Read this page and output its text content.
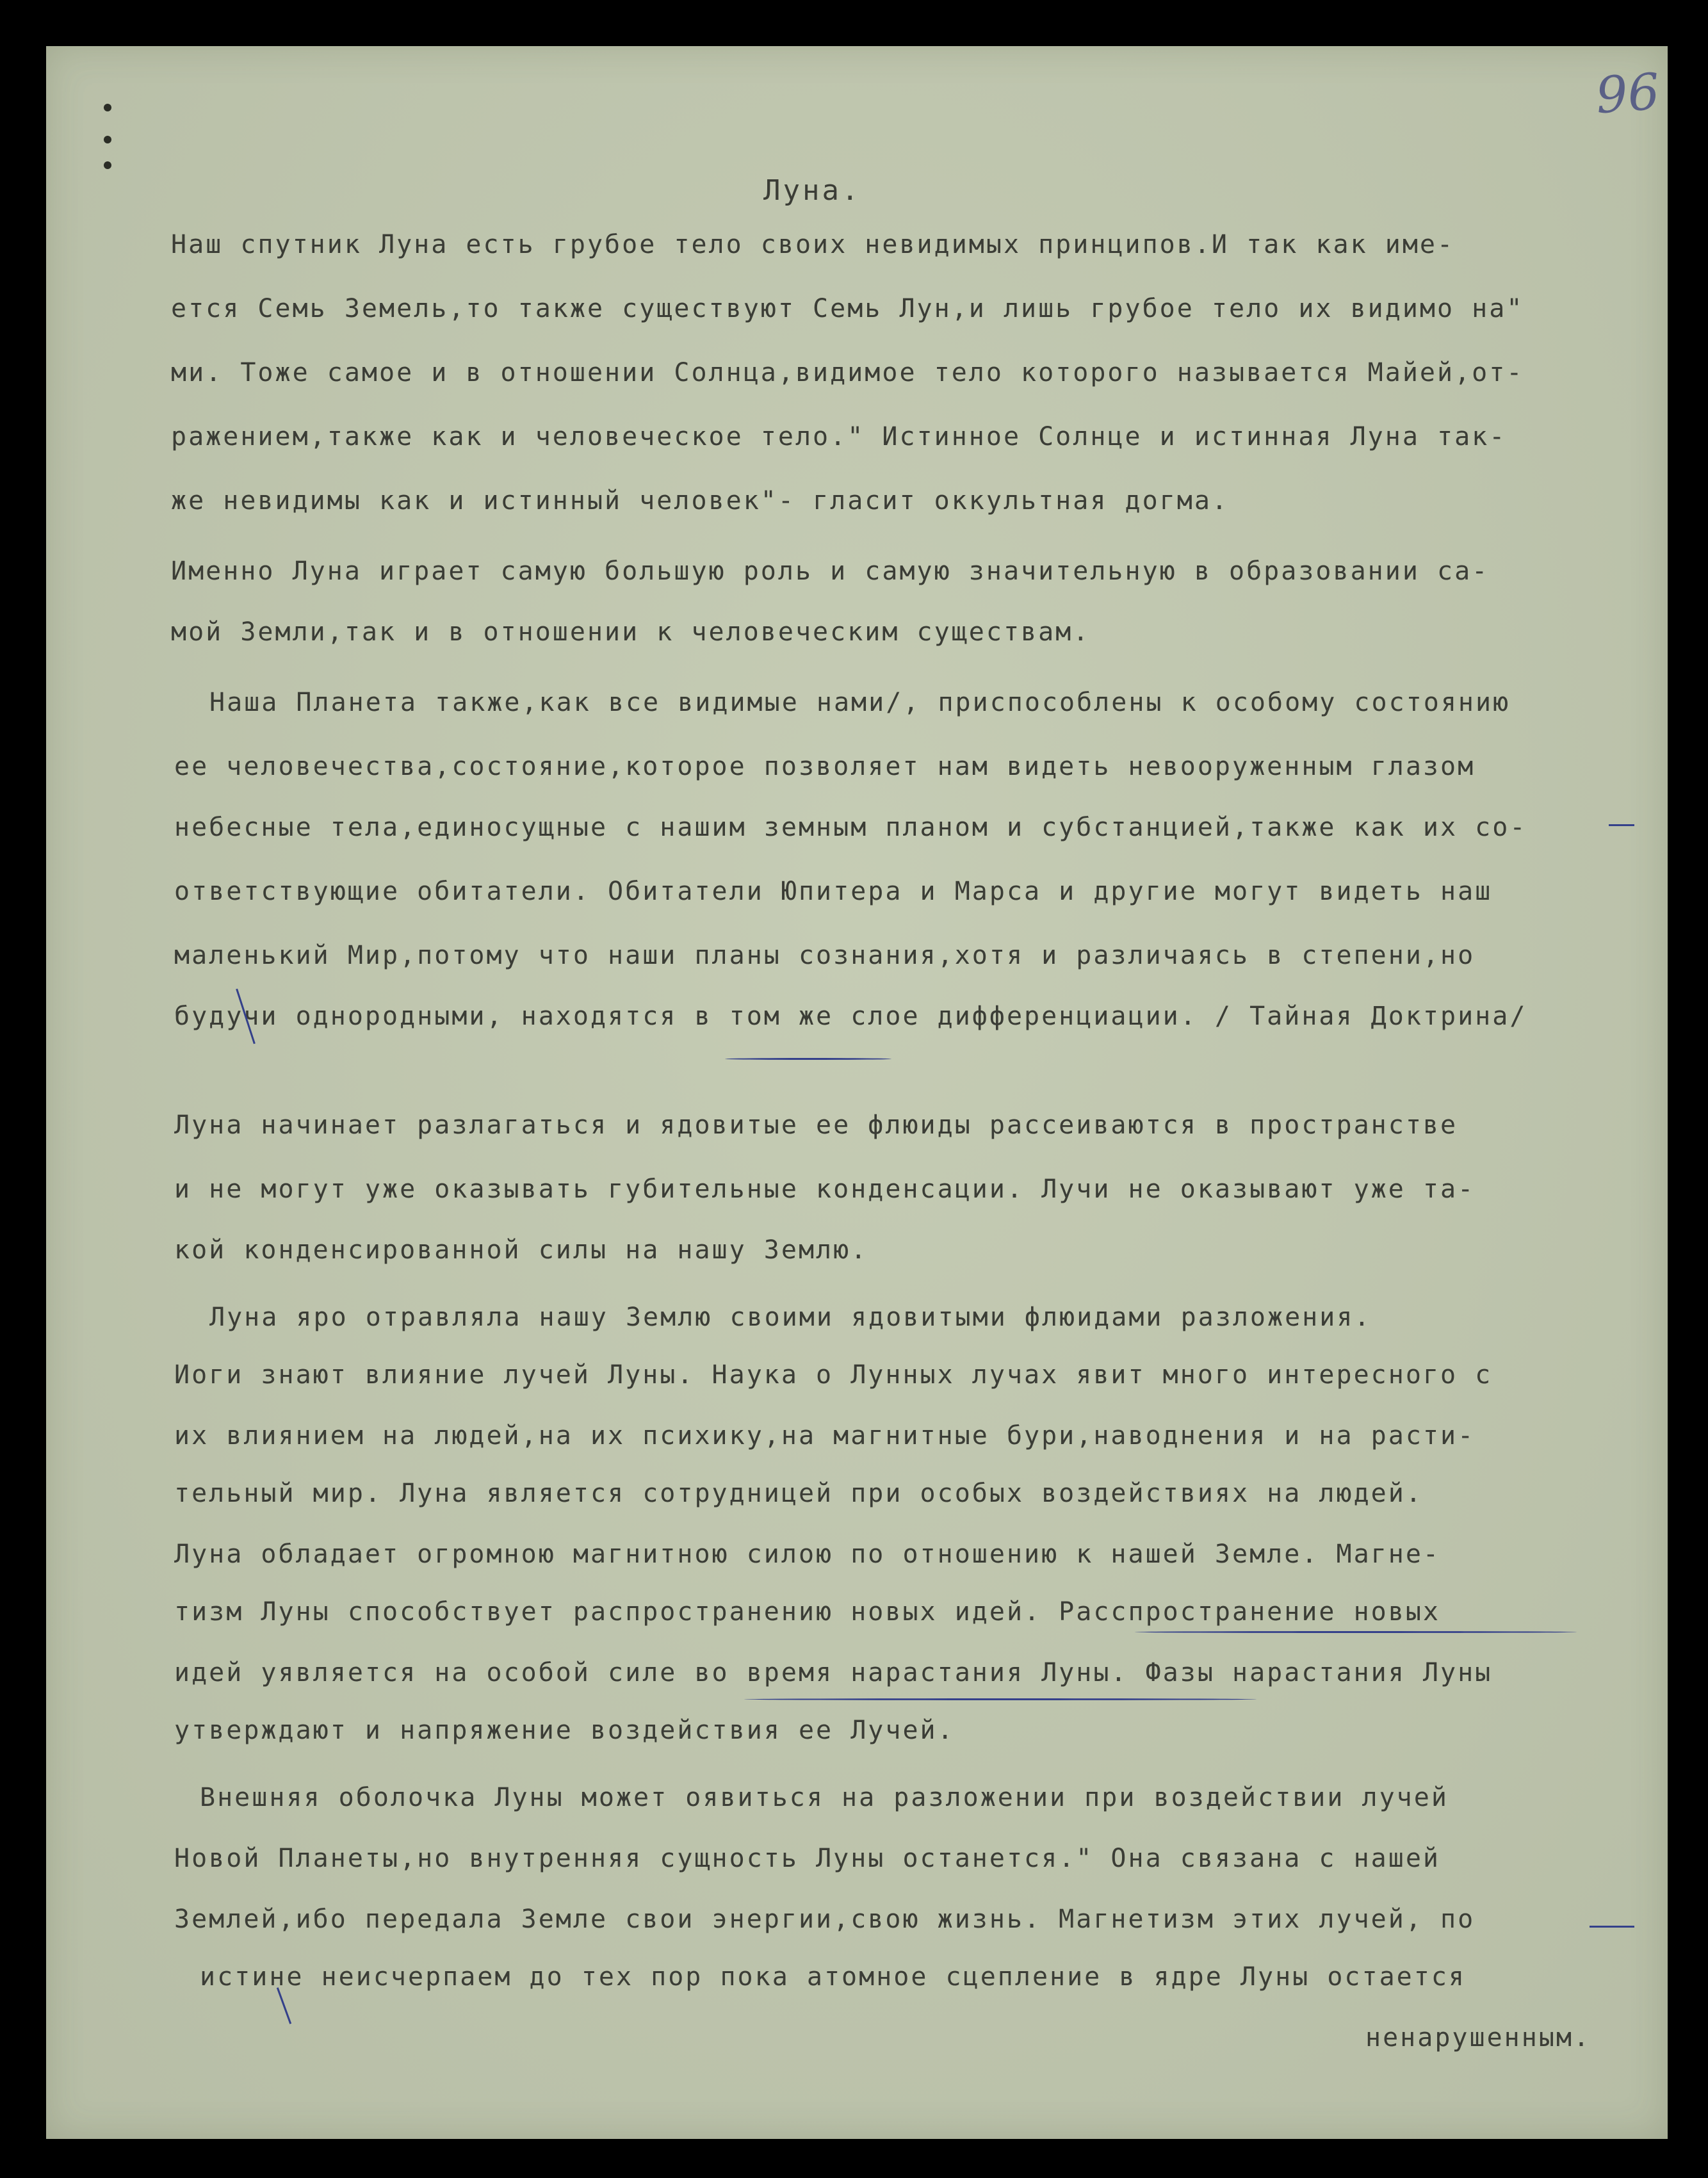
96
Луна.
Наш спутник Луна есть грубое тело своих невидимых принципов.И так как име-
ется Семь Земель,то также существуют Семь Лун,и лишь грубое тело их видимо на"
ми. Тоже самое и в отношении Солнца,видимое тело которого называется Майей,от-
ражением,также как и человеческое тело." Истинное Солнце и истинная Луна так-
же невидимы как и истинный человек"- гласит оккультная догма.
Именно Луна играет самую большую роль и самую значительную в образовании са-
мой Земли,так и в отношении к человеческим существам.
Наша Планета также,как все видимые нами/, приспособлены к особому состоянию
ее человечества,состояние,которое позволяет нам видеть невооруженным глазом
небесные тела,единосущные с нашим земным планом и субстанцией,также как их со-
ответствующие обитатели. Обитатели Юпитера и Марса и другие могут видеть наш
маленький Мир,потому что наши планы сознания,хотя и различаясь в степени,но
будучи однородными, находятся в том же слое дифференциации. / Тайная Доктрина/
Луна начинает разлагаться и ядовитые ее флюиды рассеиваются в пространстве
и не могут уже оказывать губительные конденсации. Лучи не оказывают уже та-
кой конденсированной силы на нашу Землю.
Луна яро отравляла нашу Землю своими ядовитыми флюидами разложения.
Иоги знают влияние лучей Луны. Наука о Лунных лучах явит много интересного с
их влиянием на людей,на их психику,на магнитные бури,наводнения и на расти-
тельный мир. Луна является сотрудницей при особых воздействиях на людей.
Луна обладает огромною магнитною силою по отношению к нашей Земле. Магне-
тизм Луны способствует распространению новых идей. Расспространение новых
идей уявляется на особой силе во время нарастания Луны. Фазы нарастания Луны
утверждают и напряжение воздействия ее Лучей.
Внешняя оболочка Луны может оявиться на разложении при воздействии лучей
Новой Планеты,но внутренняя сущность Луны останется." Она связана с нашей
Землей,ибо передала Земле свои энергии,свою жизнь. Магнетизм этих лучей, по
истине неисчерпаем до тех пор пока атомное сцепление в ядре Луны остается
ненарушенным.
